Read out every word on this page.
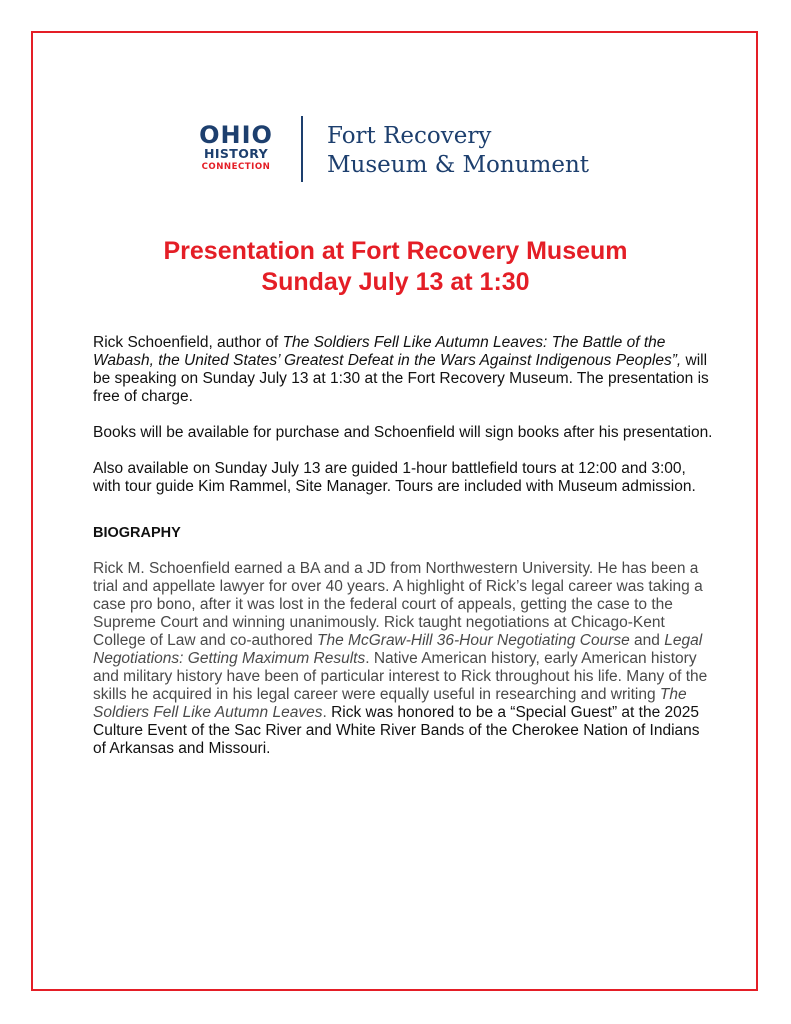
OHIO
HISTORY
CONNECTION
Fort Recovery
Museum & Monument
Presentation at Fort Recovery Museum
Sunday July 13 at 1:30

Rick Schoenfield, author of The Soldiers Fell Like Autumn Leaves: The Battle of the Wabash, the United States’ Greatest Defeat in the Wars Against Indigenous Peoples”, will be speaking on Sunday July 13 at 1:30 at the Fort Recovery Museum. The presentation is free of charge.

Books will be available for purchase and Schoenfield will sign books after his presentation.

Also available on Sunday July 13 are guided 1-hour battlefield tours at 12:00 and 3:00, with tour guide Kim Rammel, Site Manager. Tours are included with Museum admission.

BIOGRAPHY

Rick M. Schoenfield earned a BA and a JD from Northwestern University. He has been a trial and appellate lawyer for over 40 years. A highlight of Rick’s legal career was taking a case pro bono, after it was lost in the federal court of appeals, getting the case to the Supreme Court and winning unanimously. Rick taught negotiations at Chicago-Kent College of Law and co-authored The McGraw-Hill 36-Hour Negotiating Course and Legal Negotiations: Getting Maximum Results. Native American history, early American history and military history have been of particular interest to Rick throughout his life. Many of the skills he acquired in his legal career were equally useful in researching and writing The Soldiers Fell Like Autumn Leaves. Rick was honored to be a “Special Guest” at the 2025 Culture Event of the Sac River and White River Bands of the Cherokee Nation of Indians of Arkansas and Missouri.
